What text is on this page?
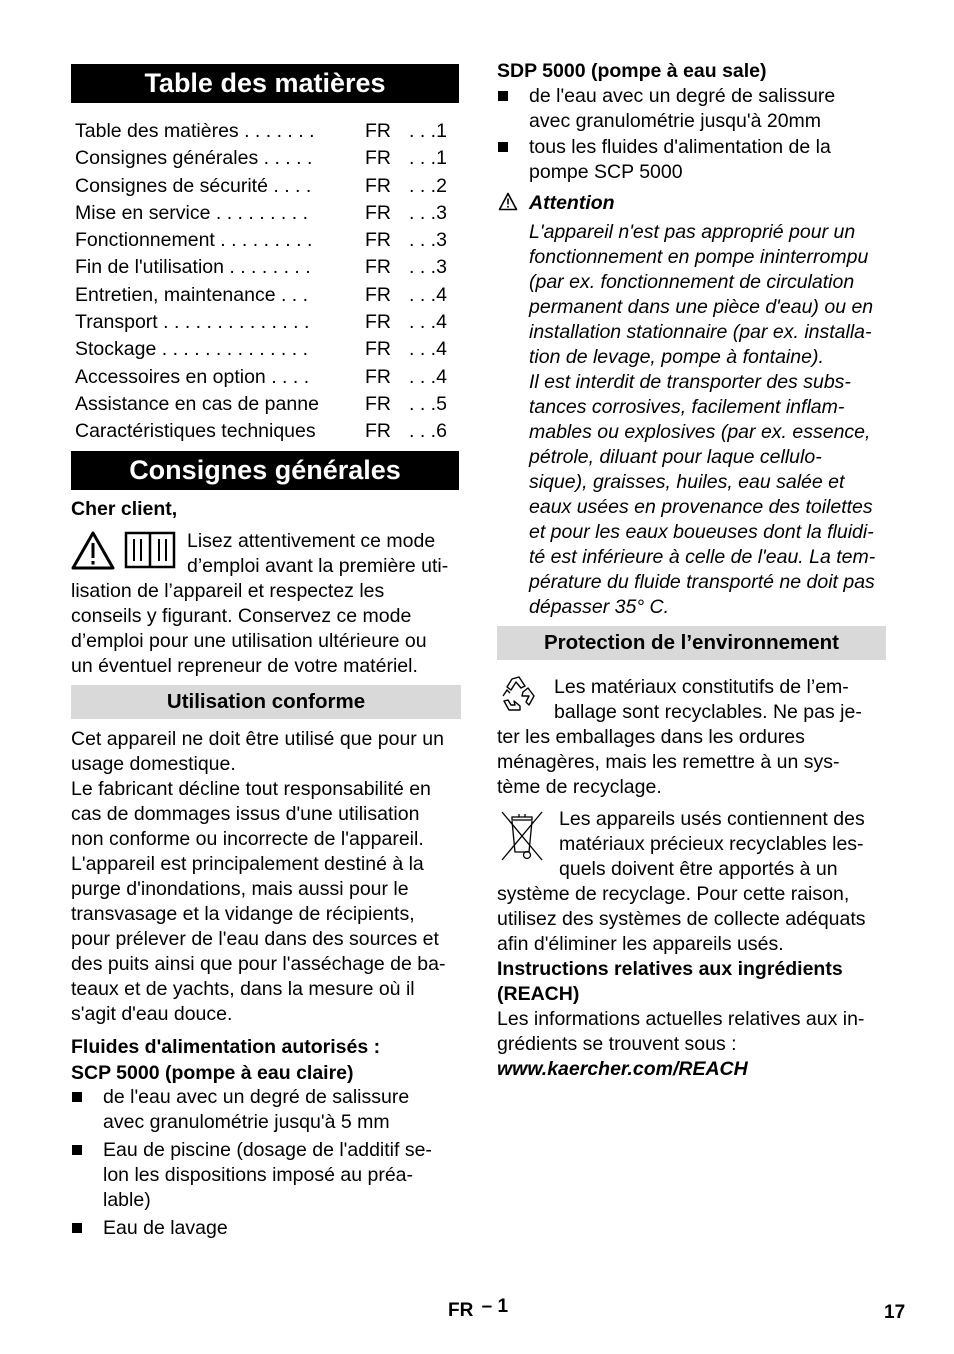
Table des matières
Table des matières . . . . . . .	FR . . .1
Consignes générales . . . . .	FR . . .1
Consignes de sécurité . . . .	FR . . .2
Mise en service . . . . . . . . .	FR . . .3
Fonctionnement . . . . . . . . .	FR . . .3
Fin de l'utilisation . . . . . . . .	FR . . .3
Entretien, maintenance . . .	FR . . .4
Transport . . . . . . . . . . . . . .	FR . . .4
Stockage . . . . . . . . . . . . . .	FR . . .4
Accessoires en option . . . .	FR . . .4
Assistance en cas de panne FR . . .5
Caractéristiques techniques	FR . . .6
Consignes générales
Cher client,
Lisez attentivement ce mode
d’emploi avant la première uti-
lisation de l’appareil et respectez les
conseils y figurant. Conservez ce mode
d’emploi pour une utilisation ultérieure ou
un éventuel repreneur de votre matériel.
Utilisation conforme
Cet appareil ne doit être utilisé que pour un
usage domestique.
Le fabricant décline tout responsabilité en
cas de dommages issus d'une utilisation
non conforme ou incorrecte de l'appareil.
L'appareil est principalement destiné à la
purge d'inondations, mais aussi pour le
transvasage et la vidange de récipients,
pour prélever de l'eau dans des sources et
des puits ainsi que pour l'asséchage de ba-
teaux et de yachts, dans la mesure où il
s'agit d'eau douce.
Fluides d'alimentation autorisés :
SCP 5000 (pompe à eau claire)
de l'eau avec un degré de salissure
avec granulométrie jusqu'à 5 mm
Eau de piscine (dosage de l'additif se-
lon les dispositions imposé au préa-
lable)
Eau de lavage
SDP 5000 (pompe à eau sale)
de l'eau avec un degré de salissure
avec granulométrie jusqu'à 20mm
tous les fluides d'alimentation de la
pompe SCP 5000
Attention
L'appareil n'est pas approprié pour un
fonctionnement en pompe ininterrompu
(par ex. fonctionnement de circulation
permanent dans une pièce d'eau) ou en
installation stationnaire (par ex. installa-
tion de levage, pompe à fontaine).
Il est interdit de transporter des subs-
tances corrosives, facilement inflam-
mables ou explosives (par ex. essence,
pétrole, diluant pour laque cellulo-
sique), graisses, huiles, eau salée et
eaux usées en provenance des toilettes
et pour les eaux boueuses dont la fluidi-
té est inférieure à celle de l'eau. La tem-
pérature du fluide transporté ne doit pas
dépasser 35° C.
Protection de l’environnement
Les matériaux constitutifs de l’em-
ballage sont recyclables. Ne pas je-
ter les emballages dans les ordures
ménagères, mais les remettre à un sys-
tème de recyclage.
Les appareils usés contiennent des
matériaux précieux recyclables les-
quels doivent être apportés à un
système de recyclage. Pour cette raison,
utilisez des systèmes de collecte adéquats
afin d'éliminer les appareils usés.
Instructions relatives aux ingrédients
(REACH)
Les informations actuelles relatives aux in-
grédients se trouvent sous :
www.kaercher.com/REACH
FR – 1	17
